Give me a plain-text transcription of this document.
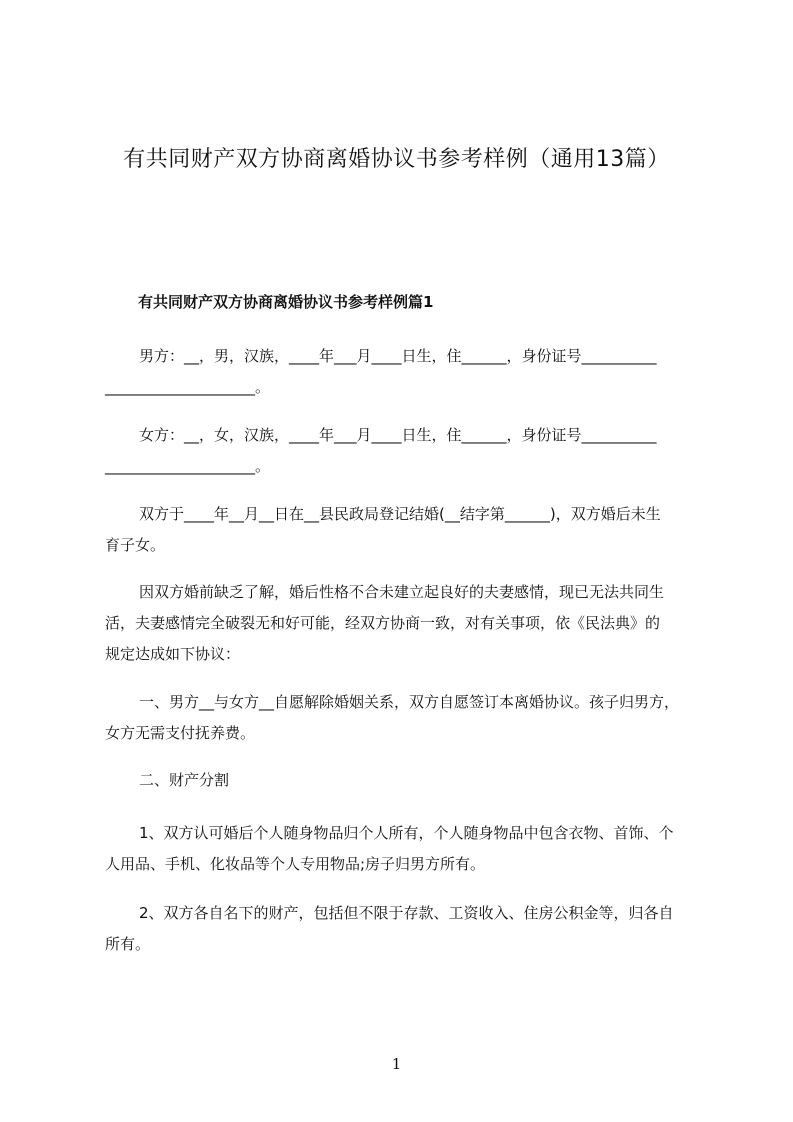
有共同财产双方协商离婚协议书参考样例（通用13篇）
有共同财产双方协商离婚协议书参考样例篇1
男方：__，男，汉族，____年___月____日生，住______，身份证号__________
____________________。
女方：__，女，汉族，____年___月____日生，住______，身份证号__________
____________________。
双方于____年__月__日在__县民政局登记结婚(__结字第______)，双方婚后未生
育子女。
因双方婚前缺乏了解，婚后性格不合未建立起良好的夫妻感情，现已无法共同生
活，夫妻感情完全破裂无和好可能，经双方协商一致，对有关事项，依《民法典》的
规定达成如下协议：
一、男方__与女方__自愿解除婚姻关系，双方自愿签订本离婚协议。孩子归男方，
女方无需支付抚养费。
二、财产分割
1、双方认可婚后个人随身物品归个人所有，个人随身物品中包含衣物、首饰、个
人用品、手机、化妆品等个人专用物品;房子归男方所有。
2、双方各自名下的财产，包括但不限于存款、工资收入、住房公积金等，归各自
所有。
1
